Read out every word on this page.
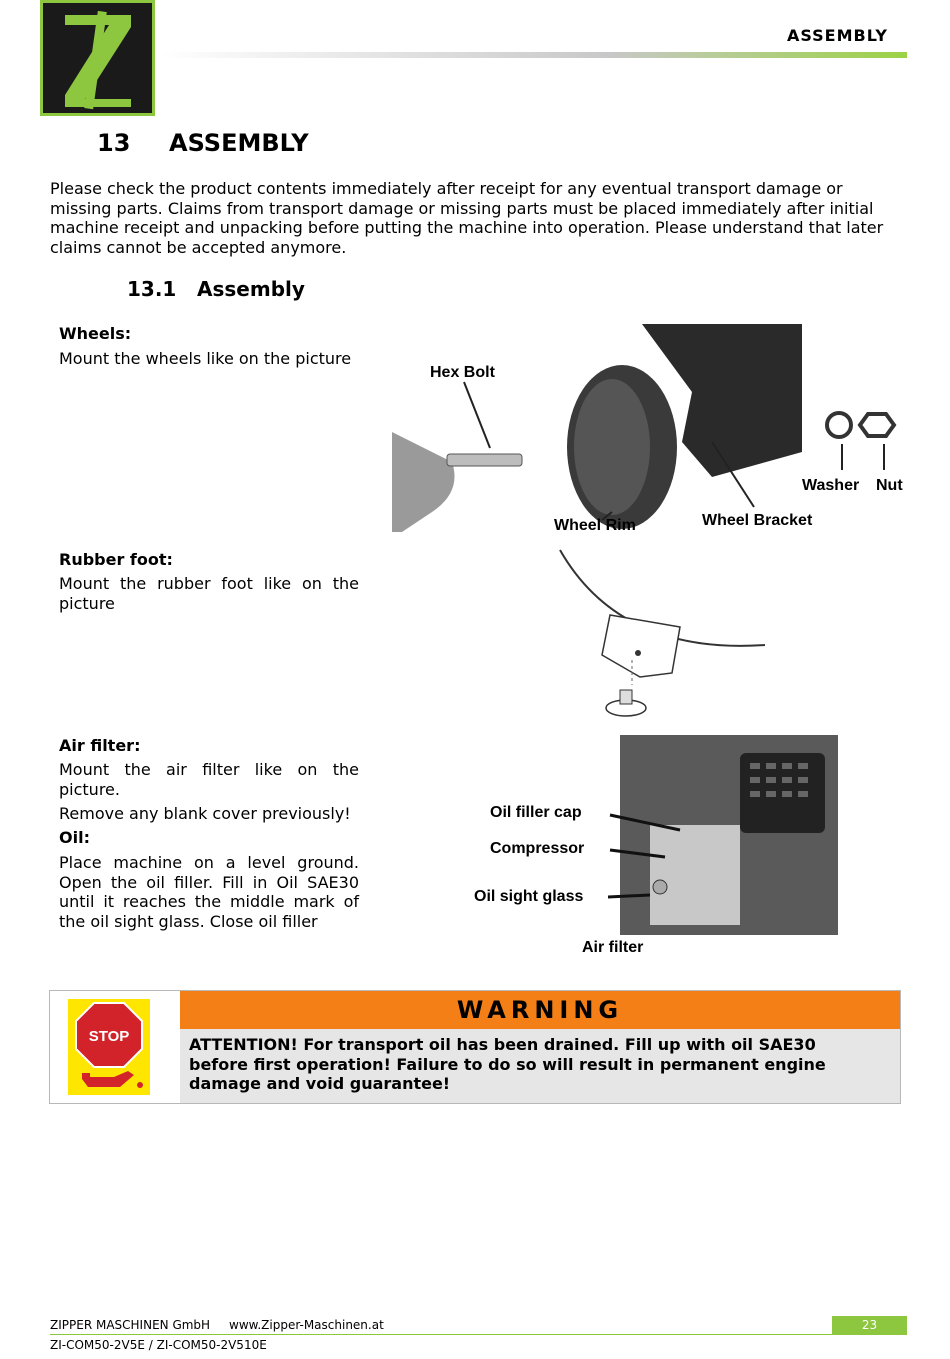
ASSEMBLY
13 ASSEMBLY
Please check the product contents immediately after receipt for any eventual transport damage or missing parts. Claims from transport damage or missing parts must be placed immediately after initial machine receipt and unpacking before putting the machine into operation. Please understand that later claims cannot be accepted anymore.
13.1 Assembly
Wheels:
Mount the wheels like on the picture
Hex Bolt
Washer Nut
Wheel Rim	Wheel Bracket
Rubber foot:
Mount the rubber foot like on the picture
Air filter:
Mount the air filter like on the picture.
Remove any blank cover previously!
Oil:
Place machine on a level ground. Open the oil filler. Fill in Oil SAE30 until it reaches the middle mark of the oil sight glass. Close oil filler
Oil filler cap
Compressor
Oil sight glass
Air filter
STOP
WARNING
ATTENTION! For transport oil has been drained. Fill up with oil SAE30 before first operation! Failure to do so will result in permanent engine damage and void guarantee!
ZIPPER MASCHINEN GmbH www.Zipper-Maschinen.at	23
ZI-COM50-2V5E / ZI-COM50-2V510E
